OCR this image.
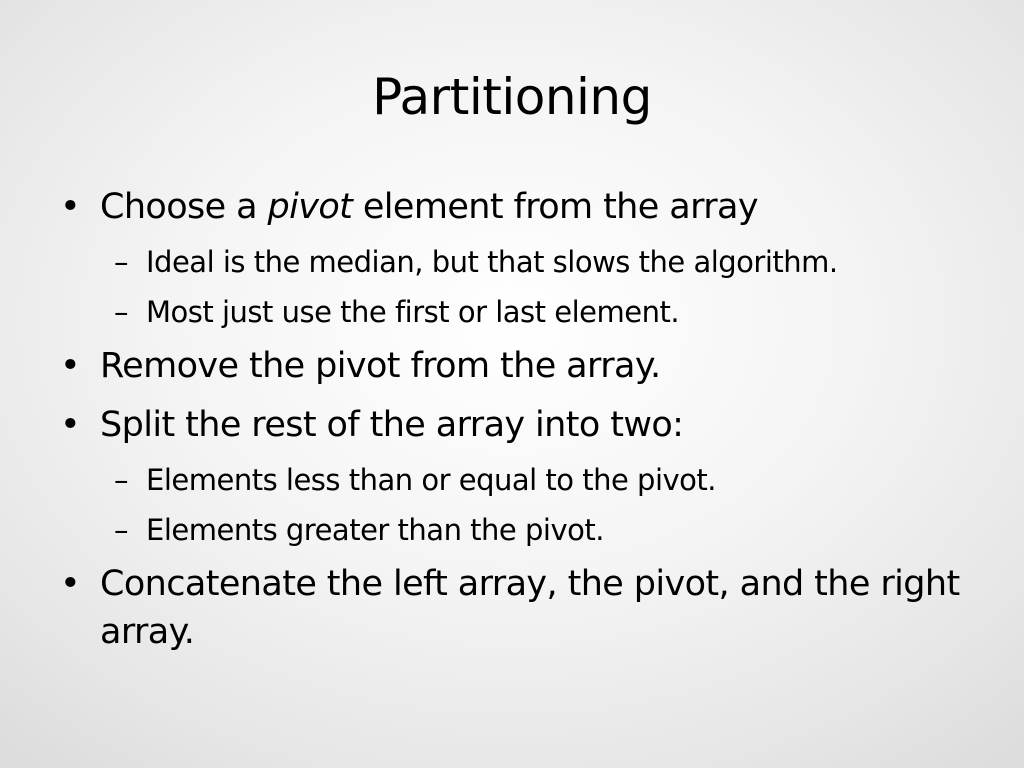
Partitioning
• Choose a pivot element from the array
– Ideal is the median, but that slows the algorithm.
– Most just use the first or last element.
• Remove the pivot from the array.
• Split the rest of the array into two:
– Elements less than or equal to the pivot.
– Elements greater than the pivot.
• Concatenate the left array, the pivot, and the right array.
